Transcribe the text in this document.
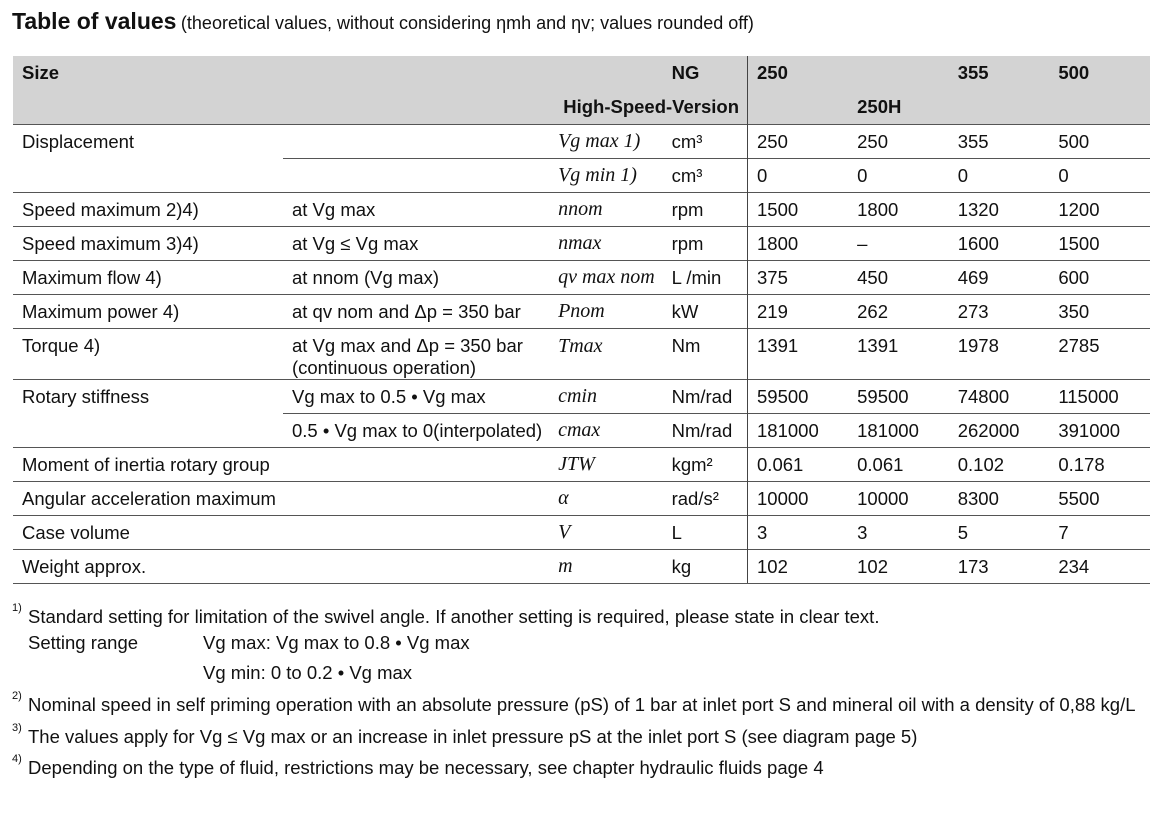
Table of values (theoretical values, without considering ηmh and ηv; values rounded off)
Size			NG	250		355	500
		High-Speed-Version			250H		
Displacement		Vg max 1)	cm³	250	250	355	500
		Vg min 1)	cm³	0	0	0	0
Speed maximum 2)4)	at Vg max	nnom	rpm	1500	1800	1320	1200
Speed maximum 3)4)	at Vg ≤ Vg max	nmax	rpm	1800	–	1600	1500
Maximum flow 4)	at nnom (Vg max)	qv max nom	L /min	375	450	469	600
Maximum power 4)	at qv nom and Δp = 350 bar	Pnom	kW	219	262	273	350
Torque 4)	at Vg max and Δp = 350 bar (continuous operation)	Tmax	Nm	1391	1391	1978	2785
Rotary stiffness	Vg max to 0.5 • Vg max	cmin	Nm/rad	59500	59500	74800	115000
	0.5 • Vg max to 0(interpolated)	cmax	Nm/rad	181000	181000	262000	391000
Moment of inertia rotary group		JTW	kgm²	0.061	0.061	0.102	0.178
Angular acceleration maximum		α	rad/s²	10000	10000	8300	5500
Case volume		V	L	3	3	5	7
Weight approx.		m	kg	102	102	173	234
1) Standard setting for limitation of the swivel angle. If another setting is required, please state in clear text.
Setting range	Vg max: Vg max to 0.8 • Vg max
Vg min: 0 to 0.2 • Vg max
2) Nominal speed in self priming operation with an absolute pressure (pS) of 1 bar at inlet port S and mineral oil with a density of 0,88 kg/L
3) The values apply for Vg ≤ Vg max or an increase in inlet pressure pS at the inlet port S (see diagram page 5)
4) Depending on the type of fluid, restrictions may be necessary, see chapter hydraulic fluids page 4
